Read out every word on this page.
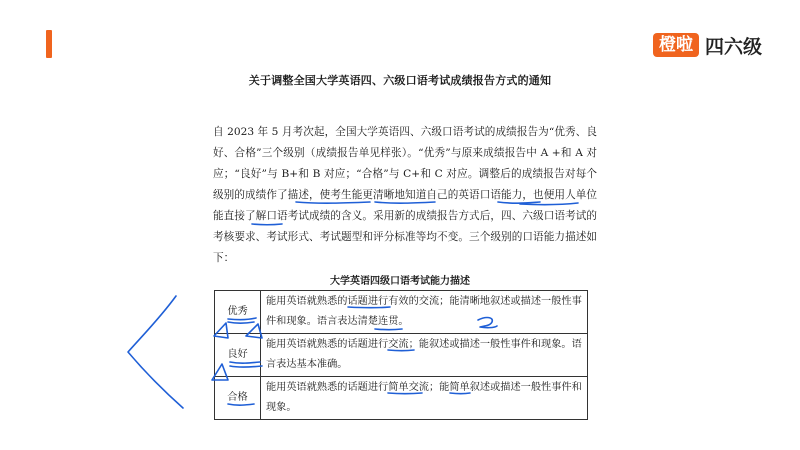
橙啦 四六级
关于调整全国大学英语四、六级口语考试成绩报告方式的通知

自 2023 年 5 月考次起，全国大学英语四、六级口语考试的成绩报告为“优秀、良好、合格”三个级别（成绩报告单见样张）。“优秀”与原来成绩报告中 A +和 A 对应；“良好”与 B+和 B 对应；“合格”与 C+和 C 对应。调整后的成绩报告对每个级别的成绩作了描述，使考生能更清晰地知道自己的英语口语能力，也便用人单位能直接了解口语考试成绩的含义。采用新的成绩报告方式后，四、六级口语考试的考核要求、考试形式、考试题型和评分标准等均不变。三个级别的口语能力描述如下：

大学英语四级口语考试能力描述
优秀	能用英语就熟悉的话题进行有效的交流；能清晰地叙述或描述一般性事件和现象。语言表达清楚连贯。
良好	能用英语就熟悉的话题进行交流；能叙述或描述一般性事件和现象。语言表达基本准确。
合格	能用英语就熟悉的话题进行简单交流；能简单叙述或描述一般性事件和现象。
